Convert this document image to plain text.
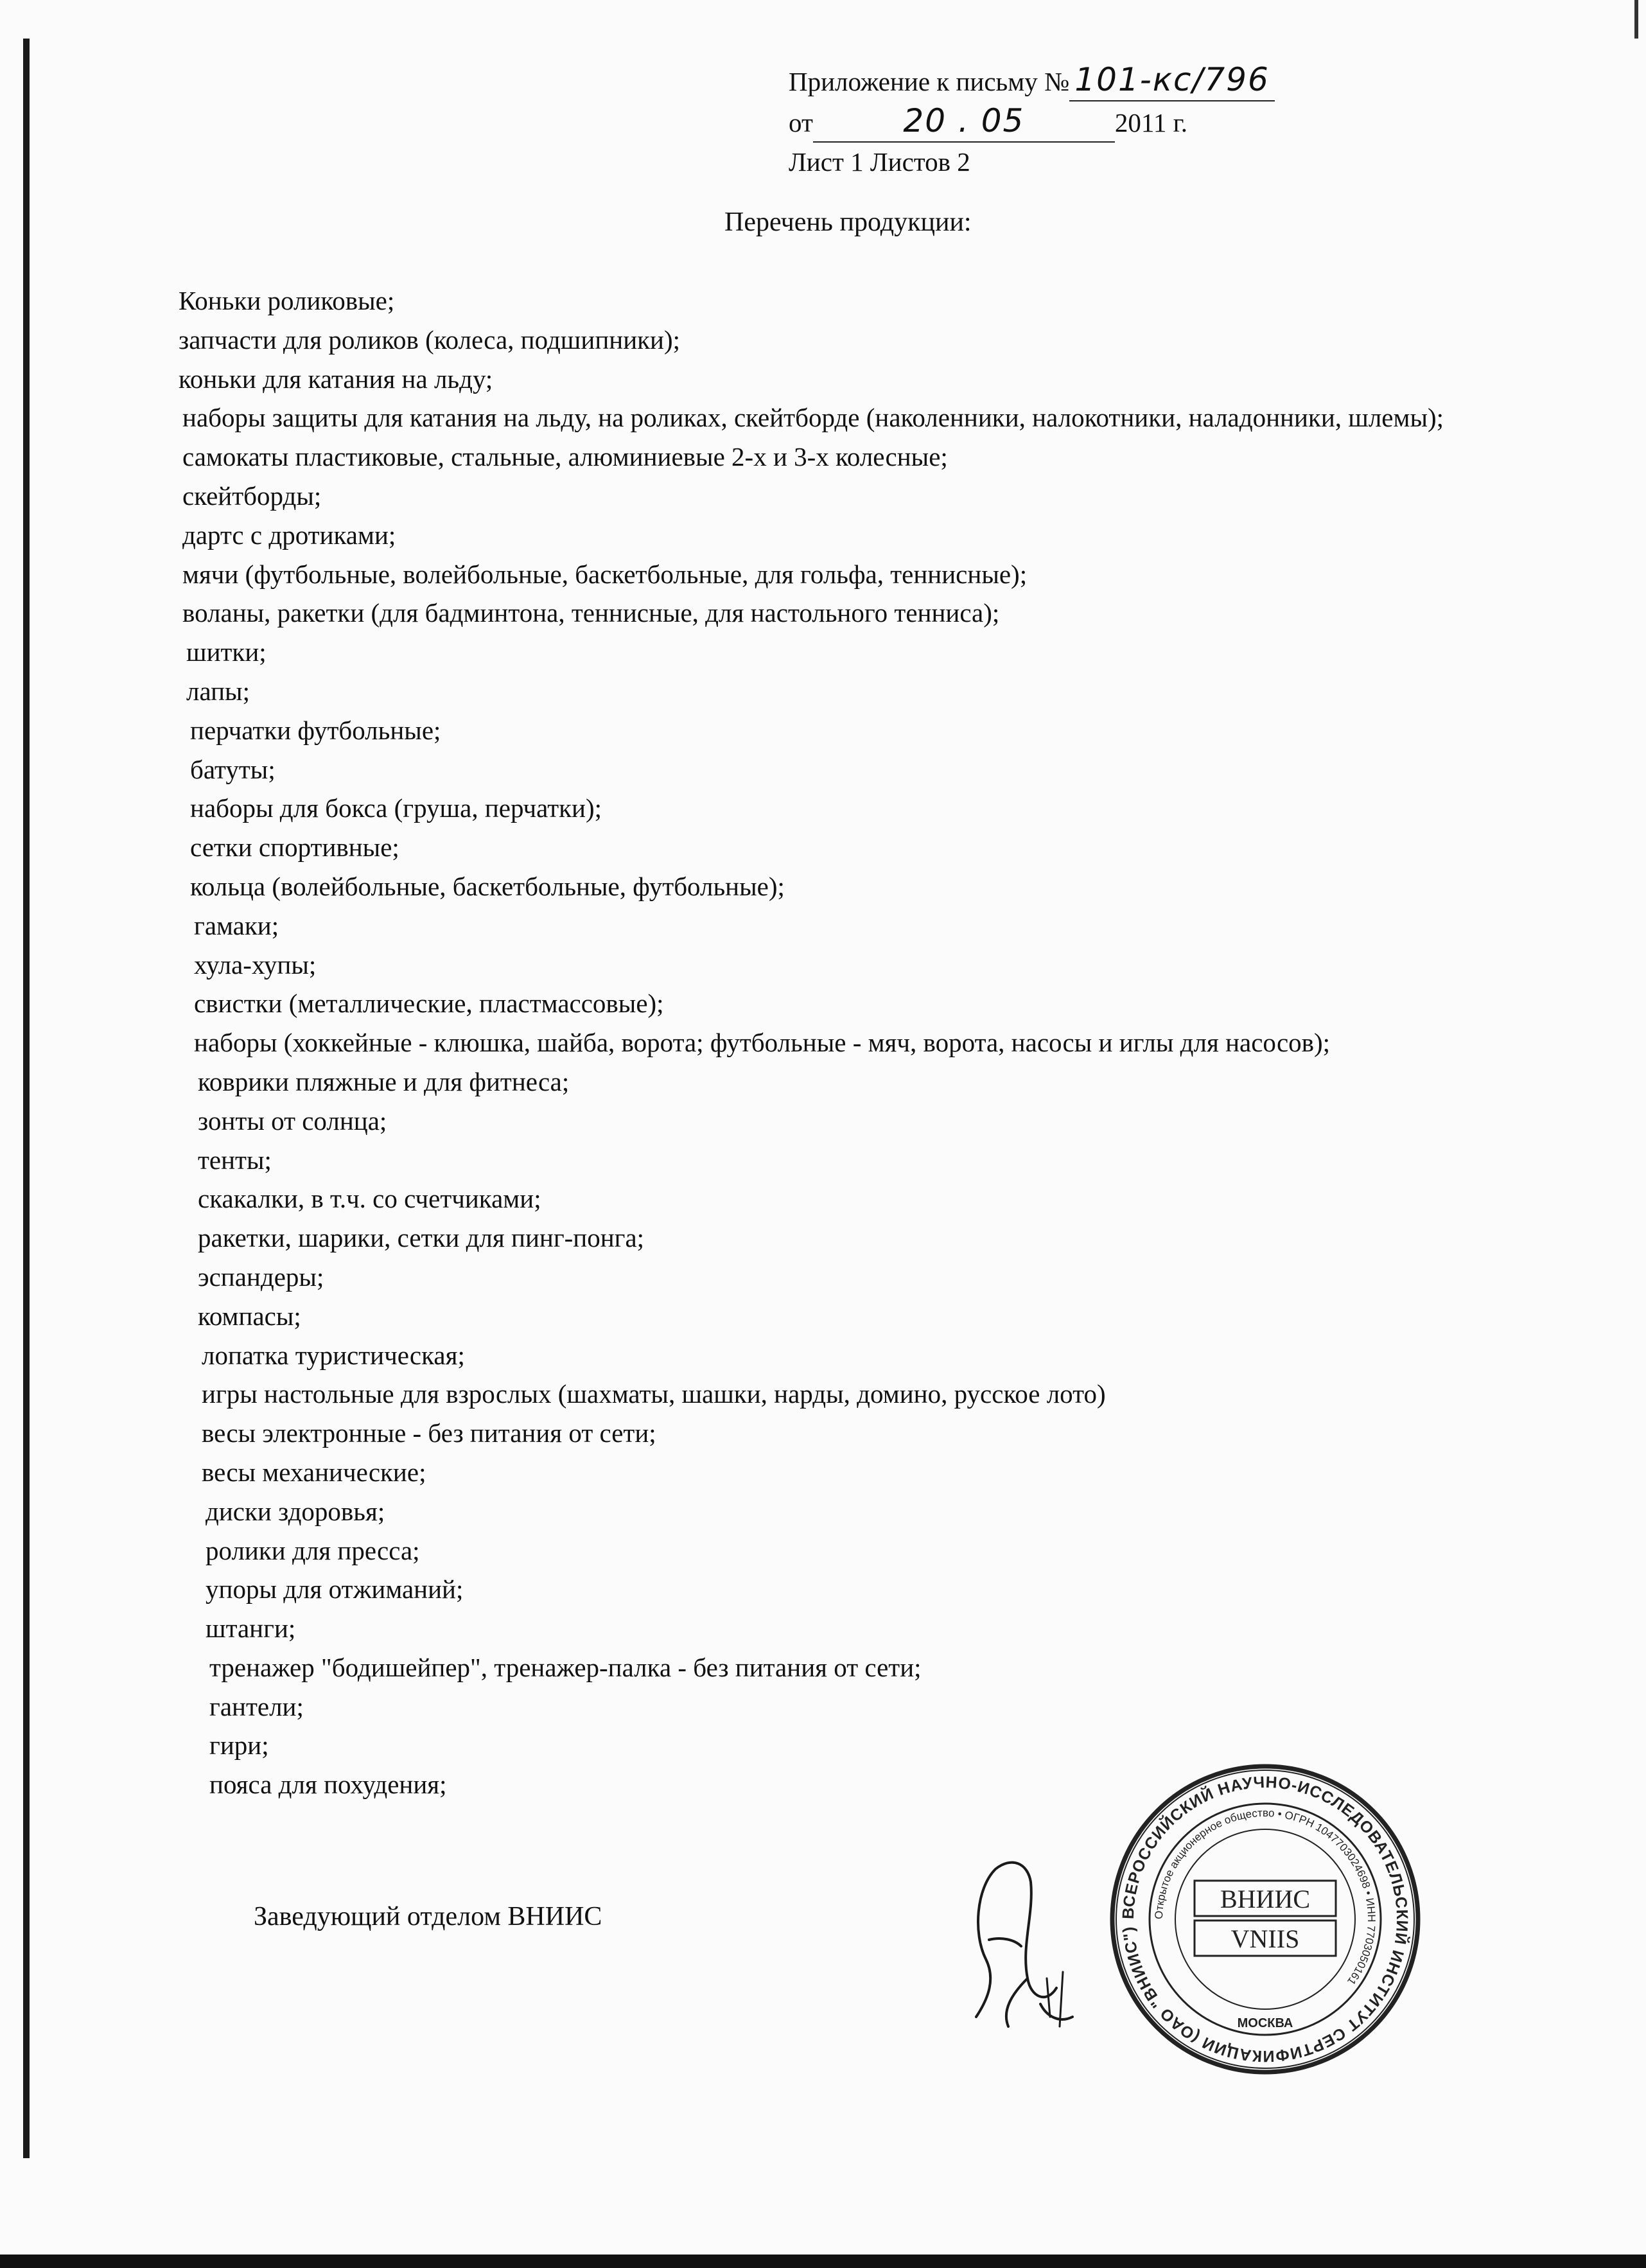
Приложение к письму № 101-кс/796
от	20 . 05	2011 г.
Лист 1 Листов 2
Перечень продукции:
Коньки роликовые;
запчасти для роликов (колеса, подшипники);
коньки для катания на льду;
наборы защиты для катания на льду, на роликах, скейтборде (наколенники, налокотники, наладонники, шлемы);
самокаты пластиковые, стальные, алюминиевые 2-х и 3-х колесные;
скейтборды;
дартс с дротиками;
мячи (футбольные, волейбольные, баскетбольные, для гольфа, теннисные);
воланы, ракетки (для бадминтона, теннисные, для настольного тенниса);
шитки;
лапы;
перчатки футбольные;
батуты;
наборы для бокса (груша, перчатки);
сетки спортивные;
кольца (волейбольные, баскетбольные, футбольные);
гамаки;
хула-хупы;
свистки (металлические, пластмассовые);
наборы (хоккейные - клюшка, шайба, ворота; футбольные - мяч, ворота, насосы и иглы для насосов);
коврики пляжные и для фитнеса;
зонты от солнца;
тенты;
скакалки, в т.ч. со счетчиками;
ракетки, шарики, сетки для пинг-понга;
эспандеры;
компасы;
лопатка туристическая;
игры настольные для взрослых (шахматы, шашки, нарды, домино, русское лото)
весы электронные - без питания от сети;
весы механические;
диски здоровья;
ролики для пресса;
упоры для отжиманий;
штанги;
тренажер "бодишейпер", тренажер-палка - без питания от сети;
гантели;
гири;
пояса для похудения;
Заведующий отделом ВНИИС	ВСЕРОССИЙСКИЙ НАУЧНО-ИССЛЕДОВАТЕЛЬСКИЙ ИНСТИТУТ СЕРТИФИКАЦИИ (ОАО "ВНИИС")
Открытое акционерное общество • ОГРН 1047703024698 • ИНН 7703050161
ВНИИС
VNIIS
МОСКВА
